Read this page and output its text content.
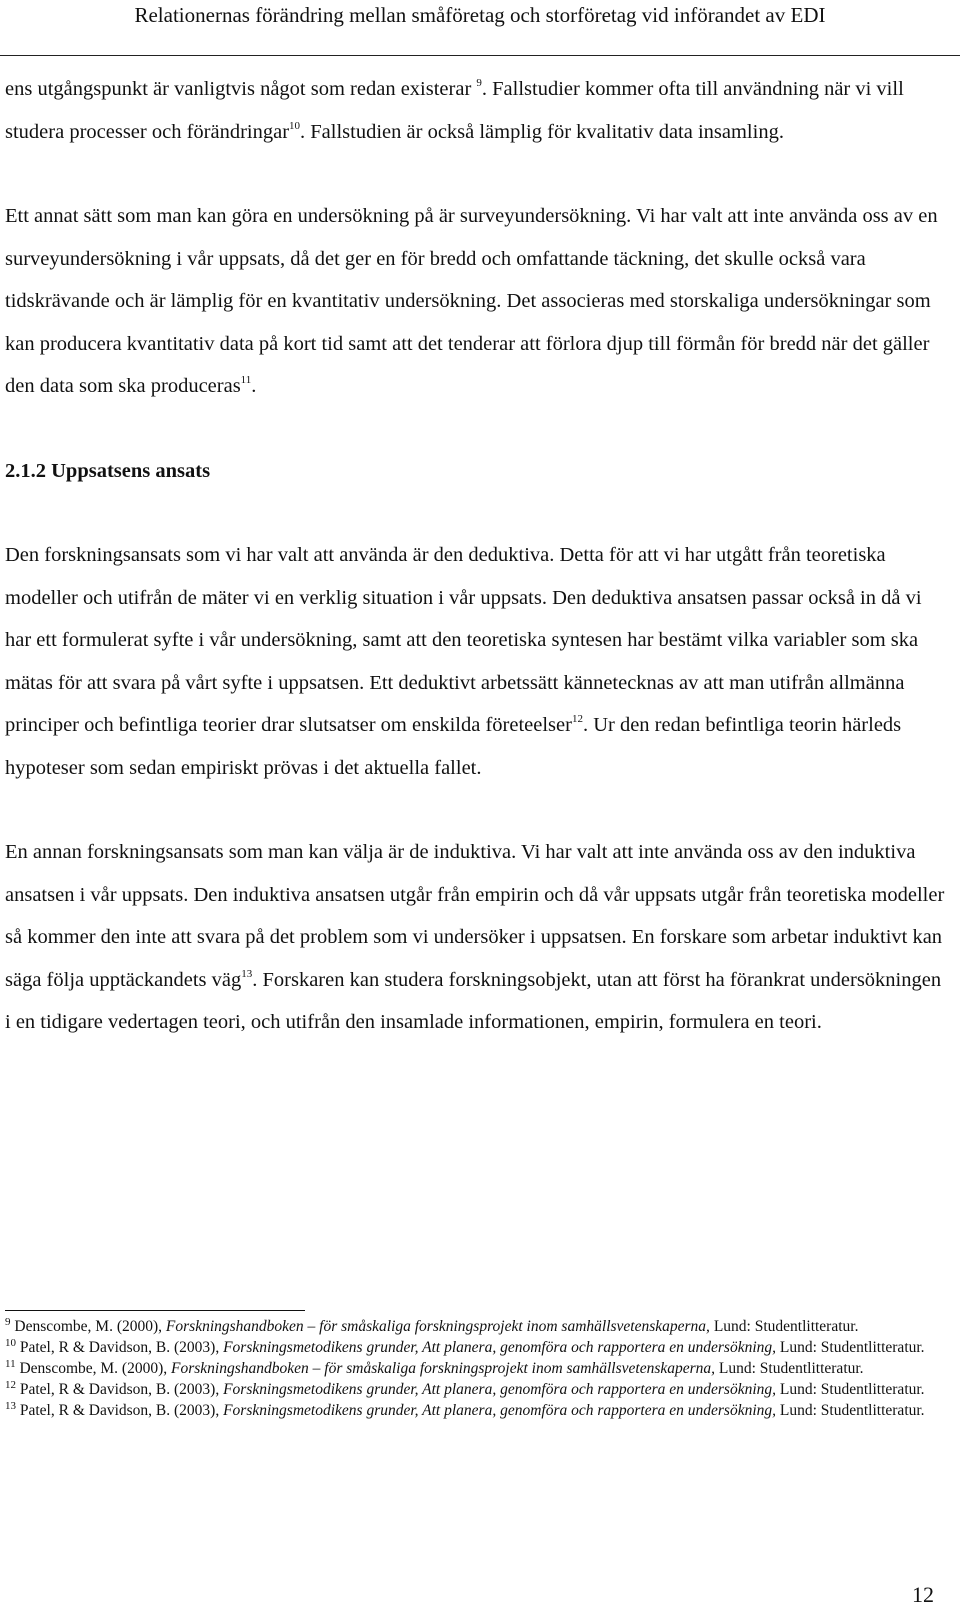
Relationernas förändring mellan småföretag och storföretag vid införandet av EDI

ens utgångspunkt är vanligtvis något som redan existerar $^9$. Fallstudier kommer ofta till användning när vi vill studera processer och förändringar$^{10}$. Fallstudien är också lämplig för kvalitativ data insamling.

Ett annat sätt som man kan göra en undersökning på är surveyundersökning. Vi har valt att inte använda oss av en surveyundersökning i vår uppsats, då det ger en för bredd och omfattande täckning, det skulle också vara tidskrävande och är lämplig för en kvantitativ undersökning. Det associeras med storskaliga undersökningar som kan producera kvantitativ data på kort tid samt att det tenderar att förlora djup till förmån för bredd när det gäller den data som ska produceras$^{11}$.

2.1.2 Uppsatsens ansats

Den forskningsansats som vi har valt att använda är den deduktiva. Detta för att vi har utgått från teoretiska modeller och utifrån de mäter vi en verklig situation i vår uppsats. Den deduktiva ansatsen passar också in då vi har ett formulerat syfte i vår undersökning, samt att den teoretiska syntesen har bestämt vilka variabler som ska mätas för att svara på vårt syfte i uppsatsen. Ett deduktivt arbetssätt kännetecknas av att man utifrån allmänna principer och befintliga teorier drar slutsatser om enskilda företeelser$^{12}$. Ur den redan befintliga teorin härleds hypoteser som sedan empiriskt prövas i det aktuella fallet.

En annan forskningsansats som man kan välja är de induktiva. Vi har valt att inte använda oss av den induktiva ansatsen i vår uppsats. Den induktiva ansatsen utgår från empirin och då vår uppsats utgår från teoretiska modeller så kommer den inte att svara på det problem som vi undersöker i uppsatsen. En forskare som arbetar induktivt kan säga följa upptäckandets väg$^{13}$. Forskaren kan studera forskningsobjekt, utan att först ha förankrat undersökningen i en tidigare vedertagen teori, och utifrån den insamlade informationen, empirin, formulera en teori.

$^9$ Denscombe, M. (2000), Forskningshandboken – för småskaliga forskningsprojekt inom samhällsvetenskaperna, Lund: Studentlitteratur.

$^{10}$ Patel, R & Davidson, B. (2003), Forskningsmetodikens grunder, Att planera, genomföra och rapportera en undersökning, Lund: Studentlitteratur.

$^{11}$ Denscombe, M. (2000), Forskningshandboken – för småskaliga forskningsprojekt inom samhällsvetenskaperna, Lund: Studentlitteratur.

$^{12}$ Patel, R & Davidson, B. (2003), Forskningsmetodikens grunder, Att planera, genomföra och rapportera en undersökning, Lund: Studentlitteratur.

$^{13}$ Patel, R & Davidson, B. (2003), Forskningsmetodikens grunder, Att planera, genomföra och rapportera en undersökning, Lund: Studentlitteratur.

12
